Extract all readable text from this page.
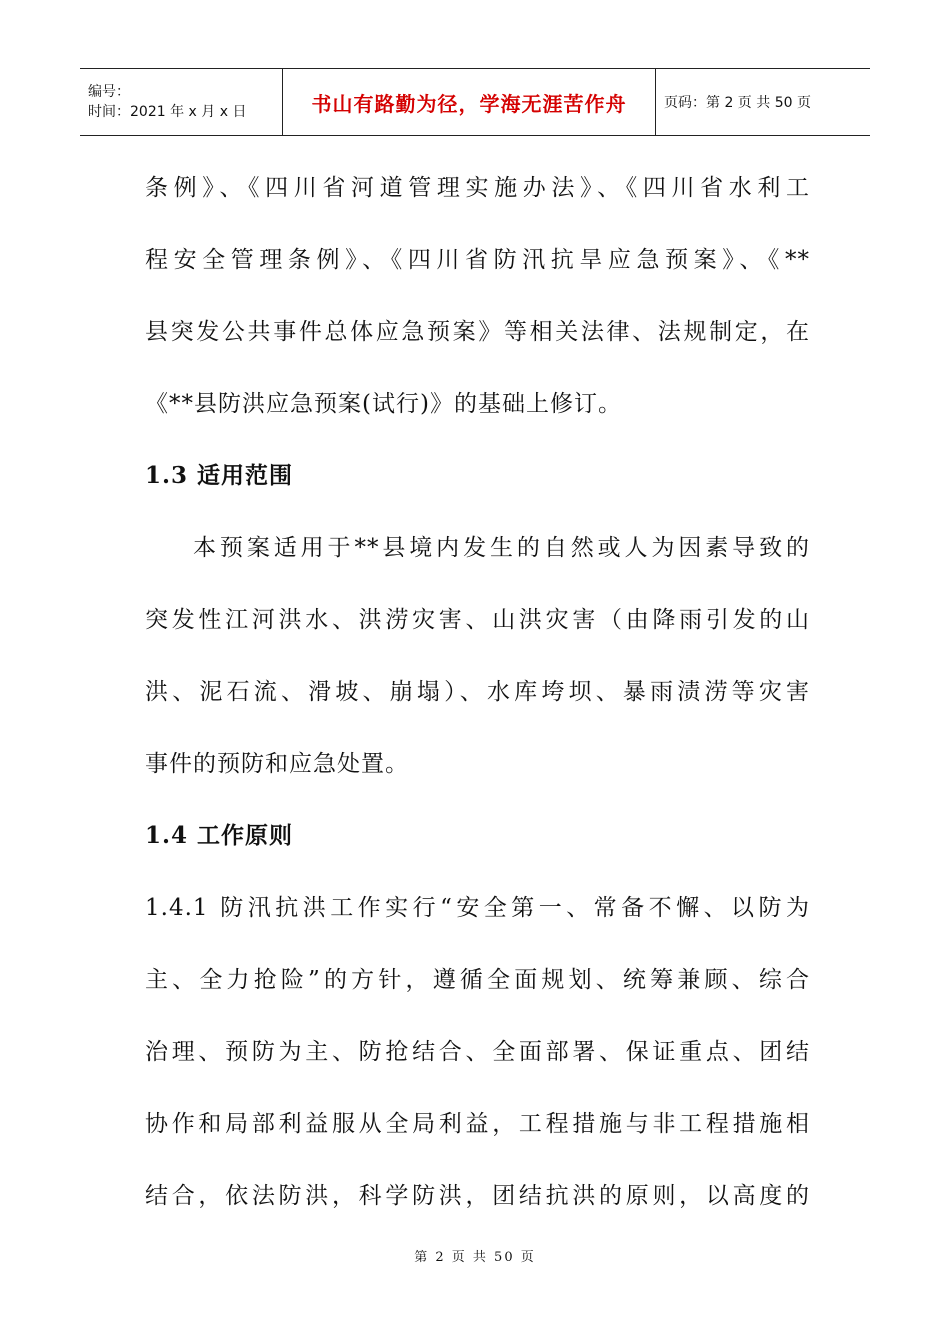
编号：
时间：2021 年 x 月 x 日	书山有路勤为径，学海无涯苦作舟	页码：第 2 页 共 50 页
条例》、《四川省河道管理实施办法》、《四川省水利工
程安全管理条例》、《四川省防汛抗旱应急预案》、《**
县突发公共事件总体应急预案》等相关法律、法规制定，在
《**县防洪应急预案(试行)》的基础上修订。
1.3 适用范围
本预案适用于**县境内发生的自然或人为因素导致的
突发性江河洪水、洪涝灾害、山洪灾害（由降雨引发的山
洪、泥石流、滑坡、崩塌）、水库垮坝、暴雨渍涝等灾害
事件的预防和应急处置。
1.4 工作原则
1.4.1 防汛抗洪工作实行“安全第一、常备不懈、以防为
主、全力抢险”的方针，遵循全面规划、统筹兼顾、综合
治理、预防为主、防抢结合、全面部署、保证重点、团结
协作和局部利益服从全局利益，工程措施与非工程措施相
结合，依法防洪，科学防洪，团结抗洪的原则，以高度的
第 2 页 共 50 页
